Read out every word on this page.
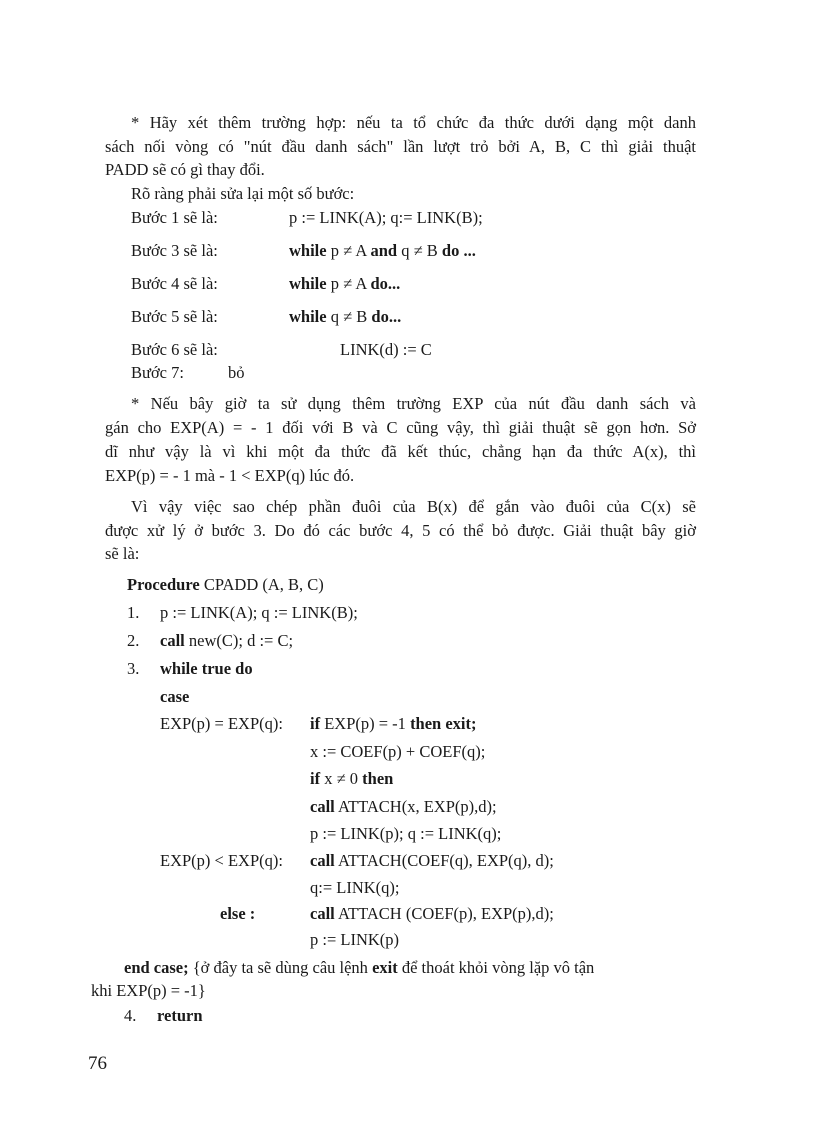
* Hãy xét thêm trường hợp: nếu ta tổ chức đa thức dưới dạng một danh
sách nối vòng có "nút đầu danh sách" lần lượt trỏ bởi A, B, C thì giải thuật
PADD sẽ có gì thay đổi.
Rõ ràng phải sửa lại một số bước:
Bước 1 sẽ là:	p := LINK(A); q:= LINK(B);
Bước 3 sẽ là:	while p ≠ A and q ≠ B do ...
Bước 4 sẽ là:	while p ≠ A do...
Bước 5 sẽ là:	while q ≠ B do...
Bước 6 sẽ là:	LINK(d) := C
Bước 7:	bỏ
* Nếu bây giờ ta sử dụng thêm trường EXP của nút đầu danh sách và
gán cho EXP(A) = - 1 đối với B và C cũng vậy, thì giải thuật sẽ gọn hơn. Sở
dĩ như vậy là vì khi một đa thức đã kết thúc, chẳng hạn đa thức A(x), thì
EXP(p) = - 1 mà - 1 < EXP(q) lúc đó.
Vì vậy việc sao chép phần đuôi của B(x) để gắn vào đuôi của C(x) sẽ
được xử lý ở bước 3. Do đó các bước 4, 5 có thể bỏ được. Giải thuật bây giờ
sẽ là:
Procedure CPADD (A, B, C)
1. p := LINK(A); q := LINK(B);
2. call new(C); d := C;
3. while true do
case
EXP(p) = EXP(q): if EXP(p) = -1 then exit;
x := COEF(p) + COEF(q);
if x ≠ 0 then
call ATTACH(x, EXP(p),d);
p := LINK(p); q := LINK(q);
EXP(p) < EXP(q): call ATTACH(COEF(q), EXP(q), d);
q:= LINK(q);
else :	call ATTACH (COEF(p), EXP(p),d);
p := LINK(p)
end case; {ở đây ta sẽ dùng câu lệnh exit để thoát khỏi vòng lặp vô tận
khi EXP(p) = -1}
4. return
76
